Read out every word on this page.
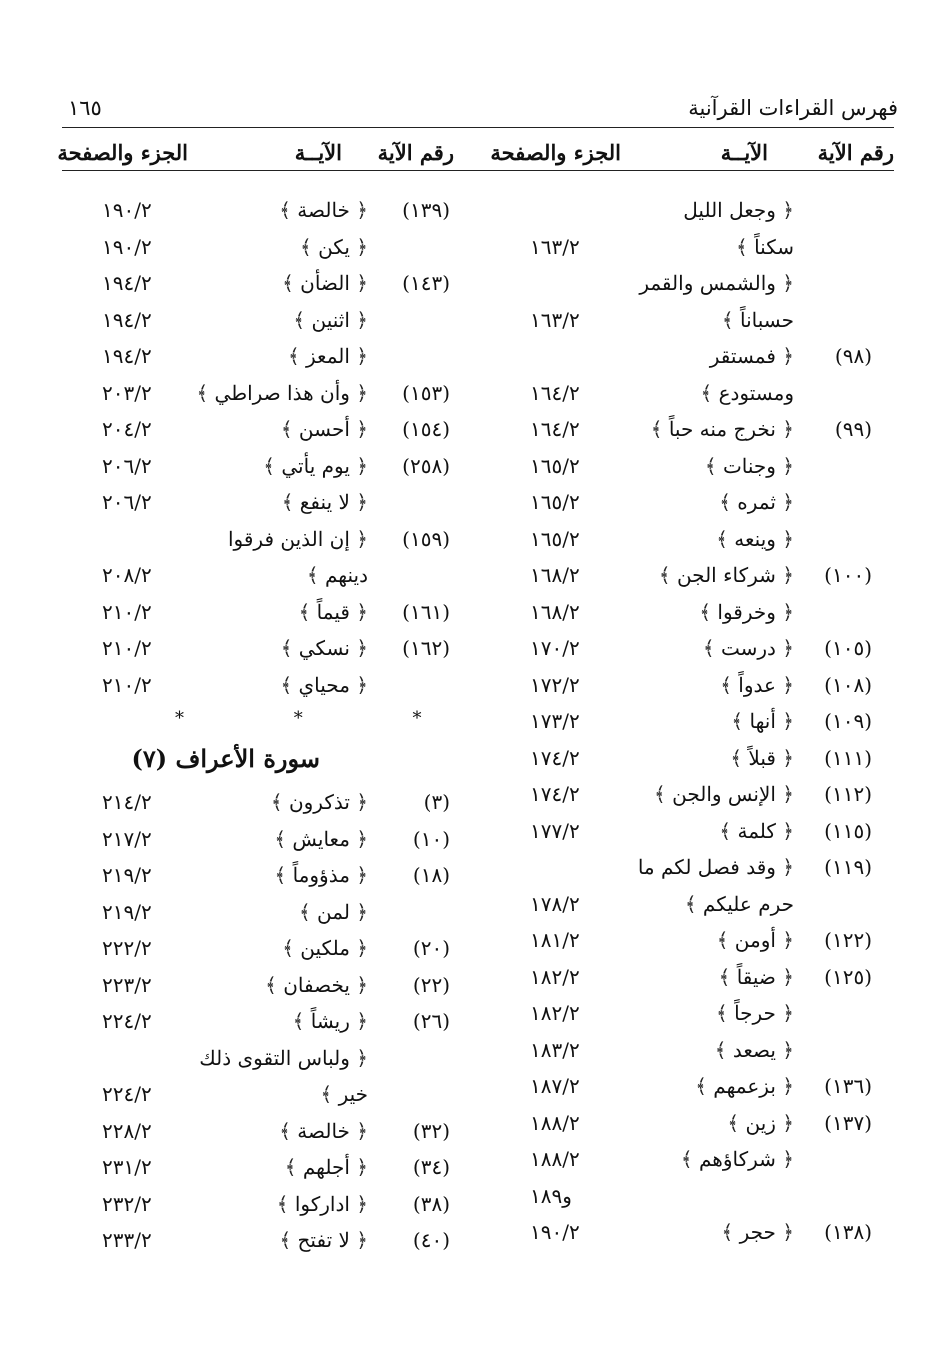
فهرس القراءات القرآنية
١٦٥
رقم الآية
الآيــة
الجزء والصفحة
رقم الآية
الآيــة
الجزء والصفحة
﴿ وجعل الليل
سكناً ﴾
١٦٣/٢
﴿ والشمس والقمر
حسباناً ﴾
١٦٣/٢
(٩٨)
﴿ فمستقر
ومستودع ﴾
١٦٤/٢
(٩٩)
﴿ نخرج منه حباً ﴾
١٦٤/٢
﴿ وجنات ﴾
١٦٥/٢
﴿ ثمره ﴾
١٦٥/٢
﴿ وينعه ﴾
١٦٥/٢
(١٠٠)
﴿ شركاء الجن ﴾
١٦٨/٢
﴿ وخرقوا ﴾
١٦٨/٢
(١٠٥)
﴿ درست ﴾
١٧٠/٢
(١٠٨)
﴿ عدواً ﴾
١٧٢/٢
(١٠٩)
﴿ أنها ﴾
١٧٣/٢
(١١١)
﴿ قبلاً ﴾
١٧٤/٢
(١١٢)
﴿ الإنس والجن ﴾
١٧٤/٢
(١١٥)
﴿ كلمة ﴾
١٧٧/٢
(١١٩)
﴿ وقد فصل لكم ما
حرم عليكم ﴾
١٧٨/٢
(١٢٢)
﴿ أومن ﴾
١٨١/٢
(١٢٥)
﴿ ضيقاً ﴾
١٨٢/٢
﴿ حرجاً ﴾
١٨٢/٢
﴿ يصعد ﴾
١٨٣/٢
(١٣٦)
﴿ بزعمهم ﴾
١٨٧/٢
(١٣٧)
﴿ زين ﴾
١٨٨/٢
﴿ شركاؤهم ﴾
١٨٨/٢
و١٨٩
(١٣٨)
﴿ حجر ﴾
١٩٠/٢
(١٣٩)
﴿ خالصة ﴾
١٩٠/٢
﴿ يكن ﴾
١٩٠/٢
(١٤٣)
﴿ الضأن ﴾
١٩٤/٢
﴿ اثنين ﴾
١٩٤/٢
﴿ المعز ﴾
١٩٤/٢
(١٥٣)
﴿ وأن هذا صراطي ﴾
٢٠٣/٢
(١٥٤)
﴿ أحسن ﴾
٢٠٤/٢
(٢٥٨)
﴿ يوم يأتي ﴾
٢٠٦/٢
﴿ لا ينفع ﴾
٢٠٦/٢
(١٥٩)
﴿ إن الذين فرقوا
دينهم ﴾
٢٠٨/٢
(١٦١)
﴿ قيماً ﴾
٢١٠/٢
(١٦٢)
﴿ نسكي ﴾
٢١٠/٢
﴿ محياي ﴾
٢١٠/٢
* * *
سورة الأعراف (٧)
(٣)
﴿ تذكرون ﴾
٢١٤/٢
(١٠)
﴿ معايش ﴾
٢١٧/٢
(١٨)
﴿ مذؤوماً ﴾
٢١٩/٢
﴿ لمن ﴾
٢١٩/٢
(٢٠)
﴿ ملكين ﴾
٢٢٢/٢
(٢٢)
﴿ يخصفان ﴾
٢٢٣/٢
(٢٦)
﴿ ريشاً ﴾
٢٢٤/٢
﴿ ولباس التقوى ذلك
خير ﴾
٢٢٤/٢
(٣٢)
﴿ خالصة ﴾
٢٢٨/٢
(٣٤)
﴿ أجلهم ﴾
٢٣١/٢
(٣٨)
﴿ اداركوا ﴾
٢٣٢/٢
(٤٠)
﴿ لا تفتح ﴾
٢٣٣/٢
